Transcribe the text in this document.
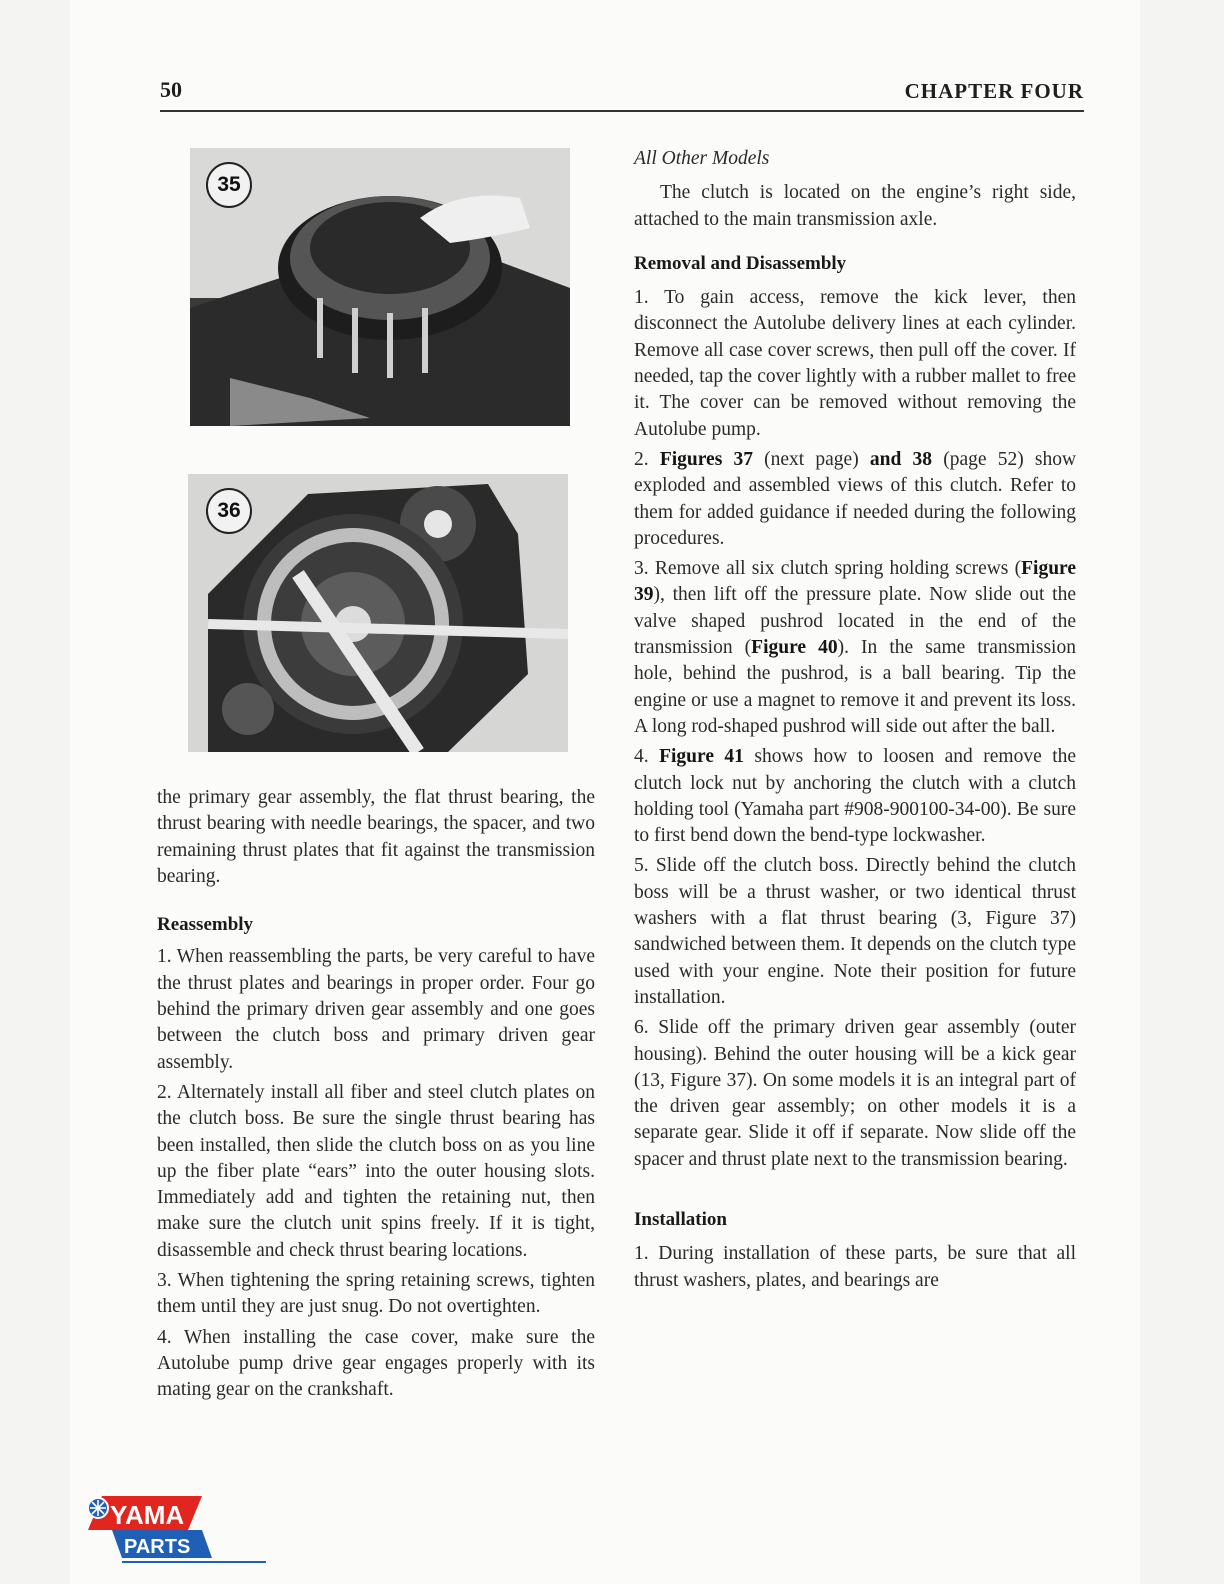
50	CHAPTER FOUR
35
36

the primary gear assembly, the flat thrust bearing, the thrust bearing with needle bearings, the spacer, and two remaining thrust plates that fit against the transmission bearing.

Reassembly

1. When reassembling the parts, be very careful to have the thrust plates and bearings in proper order. Four go behind the primary driven gear assembly and one goes between the clutch boss and primary driven gear assembly.

2. Alternately install all fiber and steel clutch plates on the clutch boss. Be sure the single thrust bearing has been installed, then slide the clutch boss on as you line up the fiber plate “ears” into the outer housing slots. Immediately add and tighten the retaining nut, then make sure the clutch unit spins freely. If it is tight, disassemble and check thrust bearing locations.

3. When tightening the spring retaining screws, tighten them until they are just snug. Do not overtighten.

4. When installing the case cover, make sure the Autolube pump drive gear engages properly with its mating gear on the crankshaft.

All Other Models

The clutch is located on the engine’s right side, attached to the main transmission axle.

Removal and Disassembly

1. To gain access, remove the kick lever, then disconnect the Autolube delivery lines at each cylinder. Remove all case cover screws, then pull off the cover. If needed, tap the cover lightly with a rubber mallet to free it. The cover can be removed without removing the Autolube pump.

2. Figures 37 (next page) and 38 (page 52) show exploded and assembled views of this clutch. Refer to them for added guidance if needed during the following procedures.

3. Remove all six clutch spring holding screws (Figure 39), then lift off the pressure plate. Now slide out the valve shaped pushrod located in the end of the transmission (Figure 40). In the same transmission hole, behind the pushrod, is a ball bearing. Tip the engine or use a magnet to remove it and prevent its loss. A long rod-shaped pushrod will side out after the ball.

4. Figure 41 shows how to loosen and remove the clutch lock nut by anchoring the clutch with a clutch holding tool (Yamaha part #908-900100-34-00). Be sure to first bend down the bend-type lockwasher.

5. Slide off the clutch boss. Directly behind the clutch boss will be a thrust washer, or two identical thrust washers with a flat thrust bearing (3, Figure 37) sandwiched between them. It depends on the clutch type used with your engine. Note their position for future installation.

6. Slide off the primary driven gear assembly (outer housing). Behind the outer housing will be a kick gear (13, Figure 37). On some models it is an integral part of the driven gear assembly; on other models it is a separate gear. Slide it off if separate. Now slide off the spacer and thrust plate next to the transmission bearing.

Installation

1. During installation of these parts, be sure that all thrust washers, plates, and bearings are

YAMA
PARTS
